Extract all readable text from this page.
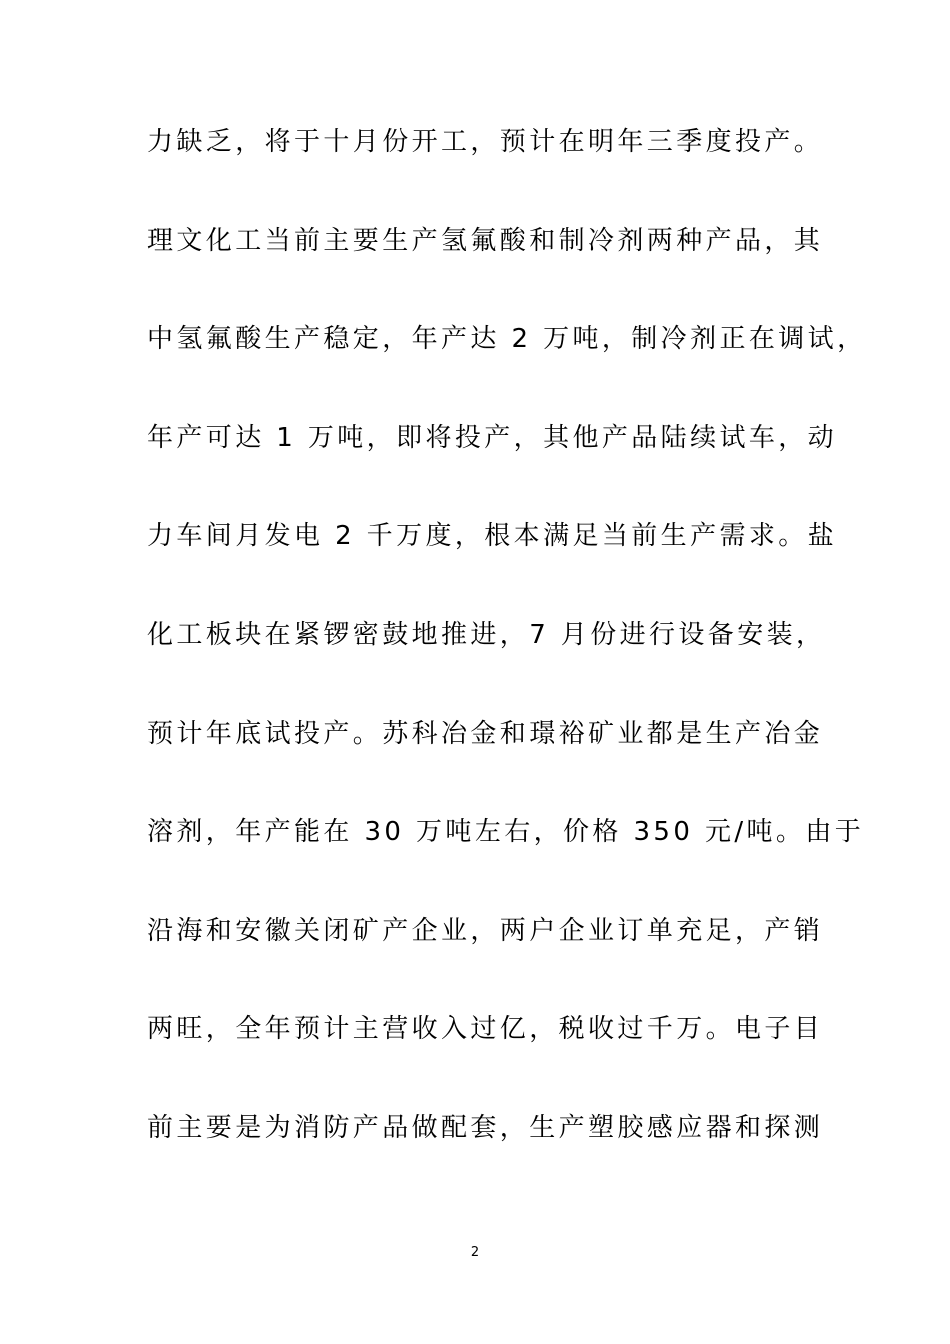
力缺乏，将于十月份开工，预计在明年三季度投产。
理文化工当前主要生产氢氟酸和制冷剂两种产品，其
中氢氟酸生产稳定，年产达 2 万吨，制冷剂正在调试，
年产可达 1 万吨，即将投产，其他产品陆续试车，动
力车间月发电 2 千万度，根本满足当前生产需求。盐
化工板块在紧锣密鼓地推进，7 月份进行设备安装，
预计年底试投产。苏科冶金和璟裕矿业都是生产冶金
溶剂，年产能在 30 万吨左右，价格 350 元/吨。由于
沿海和安徽关闭矿产企业，两户企业订单充足，产销
两旺，全年预计主营收入过亿，税收过千万。电子目
前主要是为消防产品做配套，生产塑胶感应器和探测
2
